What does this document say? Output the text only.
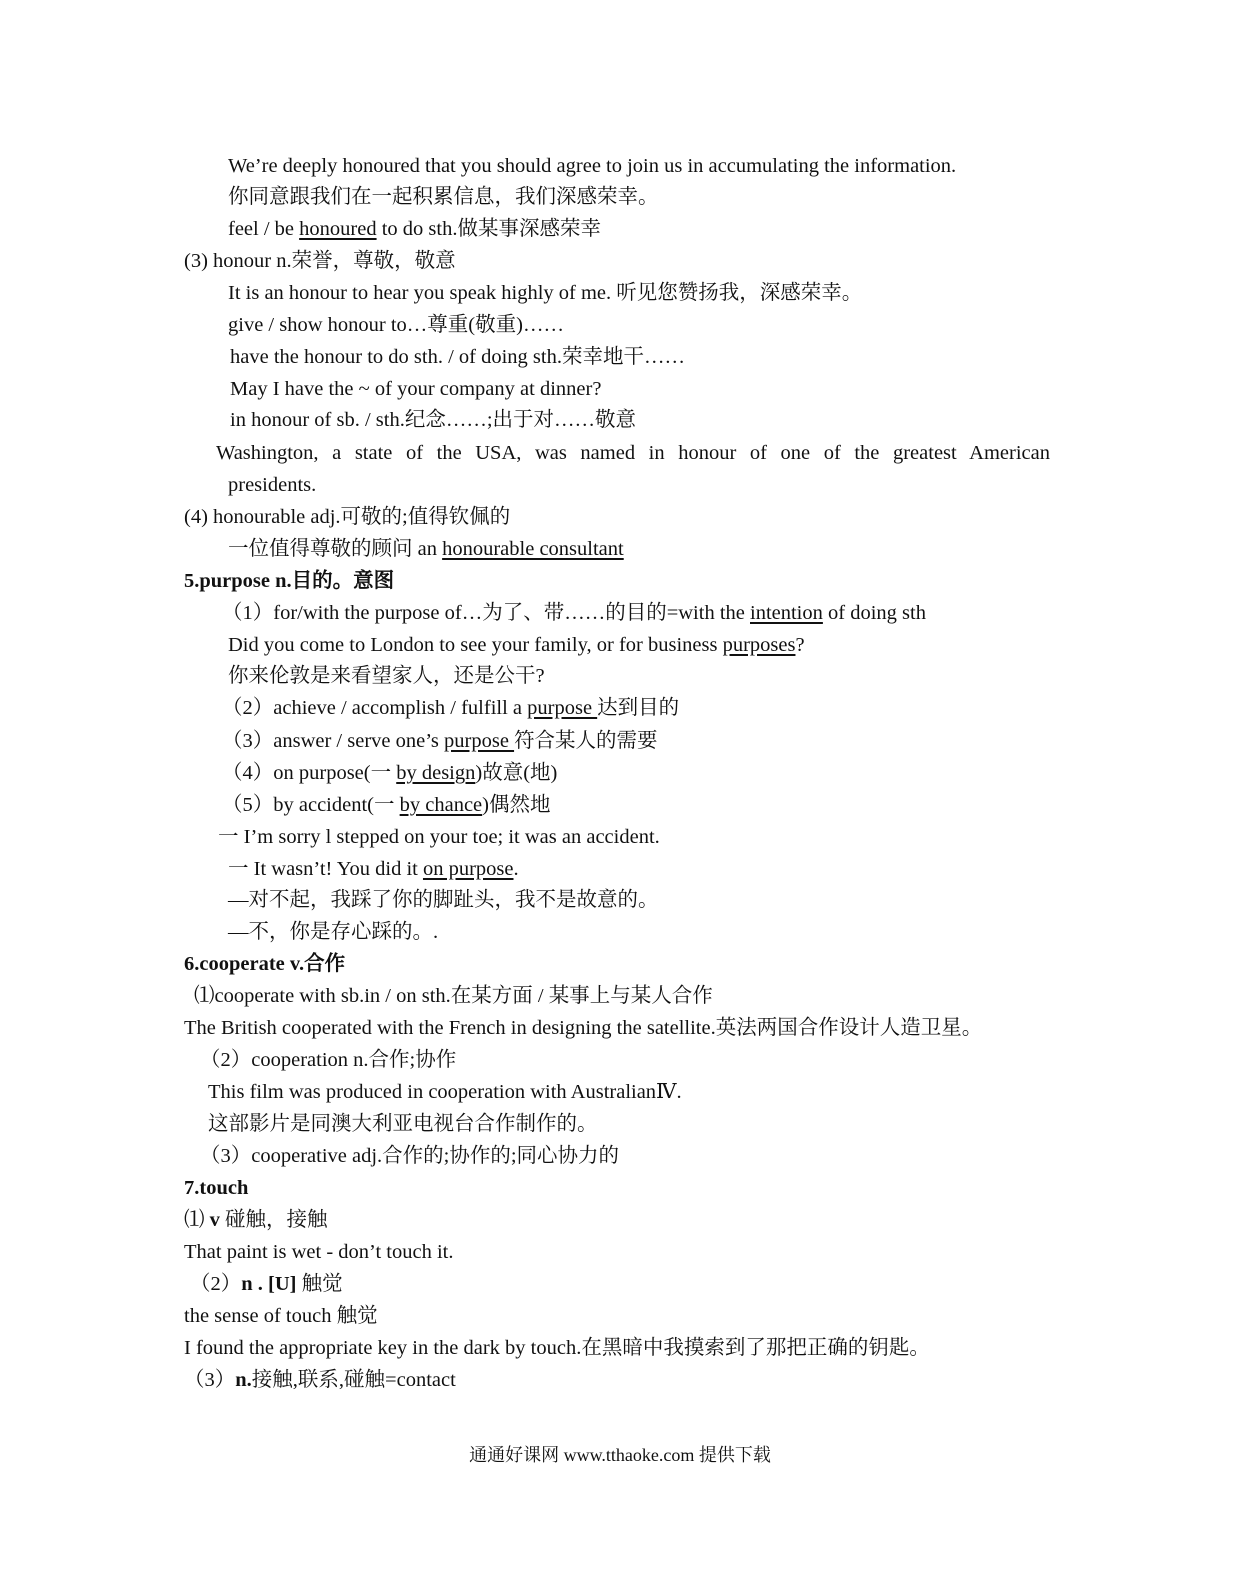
We’re deeply honoured that you should agree to join us in accumulating the information.
你同意跟我们在一起积累信息，我们深感荣幸。
feel / be honoured to do sth.做某事深感荣幸
(3) honour n.荣誉，尊敬，敬意
It is an honour to hear you speak highly of me. 听见您赞扬我，深感荣幸。
give / show honour to…尊重(敬重)……
have the honour to do sth. / of doing sth.荣幸地干……
May I have the ~ of your company at dinner?
in honour of sb. / sth.纪念……;出于对……敬意
Washington, a state of the USA, was named in honour of one of the greatest American
presidents.
(4) honourable adj.可敬的;值得钦佩的
一位值得尊敬的顾问 an honourable consultant
5.purpose n.目的。意图
（1）for/with the purpose of…为了、带……的目的=with the intention of doing sth
Did you come to London to see your family, or for business purposes?
你来伦敦是来看望家人，还是公干?
（2）achieve / accomplish / fulfill a purpose 达到目的
（3）answer / serve one’s purpose 符合某人的需要
（4）on purpose(一 by design)故意(地)
（5）by accident(一 by chance)偶然地
一 I’m sorry l stepped on your toe; it was an accident.
一 It wasn’t! You did it on purpose.
—对不起，我踩了你的脚趾头，我不是故意的。
—不，你是存心踩的。.
6.cooperate v.合作
⑴cooperate with sb.in / on sth.在某方面 / 某事上与某人合作
The British cooperated with the French in designing the satellite.英法两国合作设计人造卫星。
（2）cooperation n.合作;协作
This film was produced in cooperation with AustralianⅣ.
这部影片是同澳大利亚电视台合作制作的。
（3）cooperative adj.合作的;协作的;同心协力的
7.touch
⑴ v 碰触，接触
That paint is wet - don’t touch it.
（2）n . [U] 触觉
the sense of touch 触觉
I found the appropriate key in the dark by touch.在黑暗中我摸索到了那把正确的钥匙。
（3）n.接触,联系,碰触=contact
通通好课网 www.tthaoke.com 提供下载
